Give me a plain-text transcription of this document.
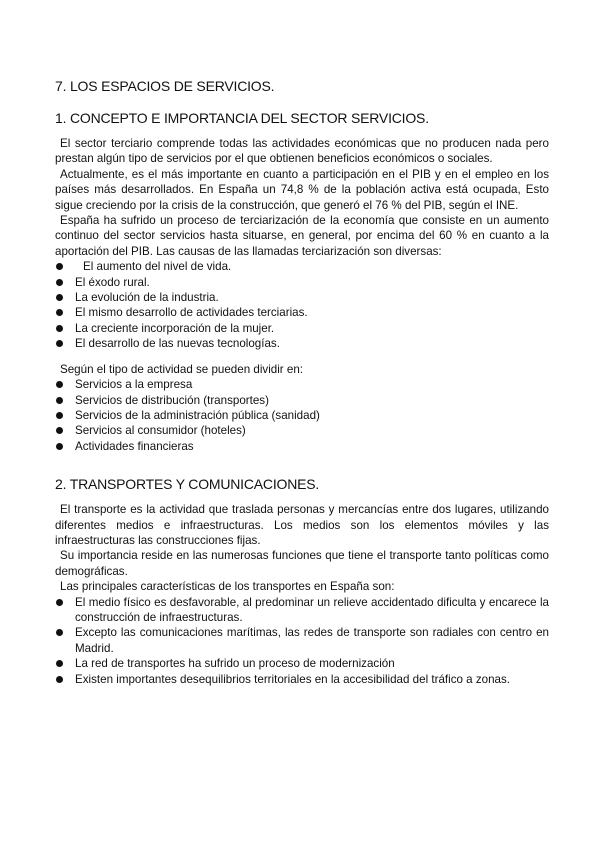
7. LOS ESPACIOS DE SERVICIOS.
1. CONCEPTO E IMPORTANCIA DEL SECTOR SERVICIOS.

El sector terciario comprende todas las actividades económicas que no producen nada pero prestan algún tipo de servicios por el que obtienen beneficios económicos o sociales.

Actualmente, es el más importante en cuanto a participación en el PIB y en el empleo en los países más desarrollados. En España un 74,8 % de la población activa está ocupada, Esto sigue creciendo por la crisis de la construcción, que generó el 76 % del PIB, según el INE.

España ha sufrido un proceso de terciarización de la economía que consiste en un aumento continuo del sector servicios hasta situarse, en general, por encima del 60 % en cuanto a la aportación del PIB. Las causas de las llamadas terciarización son diversas:

El aumento del nivel de vida.
El éxodo rural.
La evolución de la industria.
El mismo desarrollo de actividades terciarias.
La creciente incorporación de la mujer.
El desarrollo de las nuevas tecnologías.

Según el tipo de actividad se pueden dividir en:

Servicios a la empresa
Servicios de distribución (transportes)
Servicios de la administración pública (sanidad)
Servicios al consumidor (hoteles)
Actividades financieras
2. TRANSPORTES Y COMUNICACIONES.

El transporte es la actividad que traslada personas y mercancías entre dos lugares, utilizando diferentes medios e infraestructuras. Los medios son los elementos móviles y las infraestructuras las construcciones fijas.

Su importancia reside en las numerosas funciones que tiene el transporte tanto políticas como demográficas.

Las principales características de los transportes en España son:

El medio físico es desfavorable, al predominar un relieve accidentado dificulta y encarece la construcción de infraestructuras.
Excepto las comunicaciones marítimas, las redes de transporte son radiales con centro en Madrid.
La red de transportes ha sufrido un proceso de modernización
Existen importantes desequilibrios territoriales en la accesibilidad del tráfico a zonas.
